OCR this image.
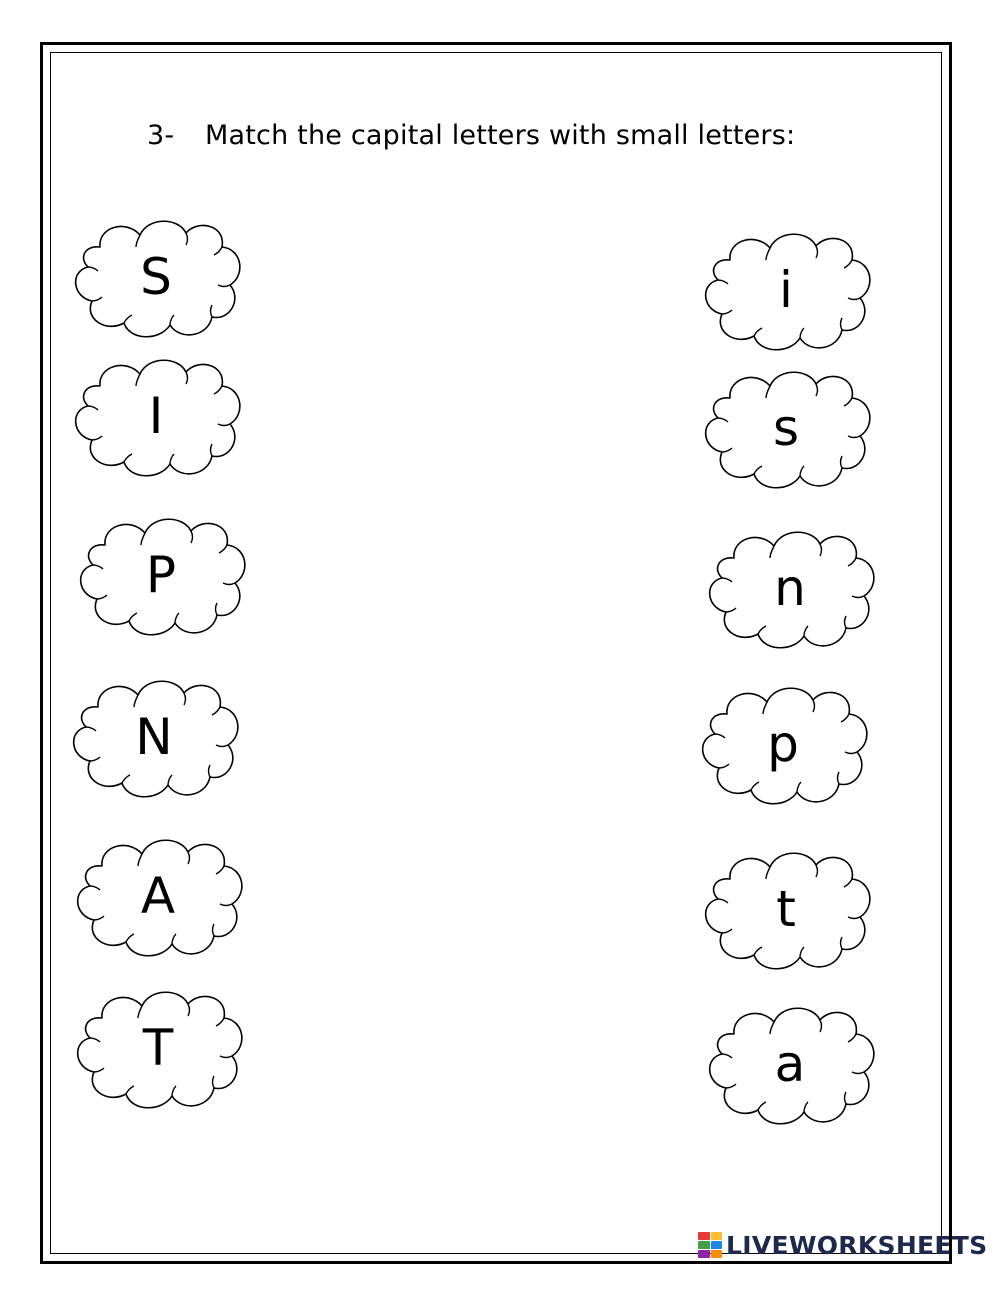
3- Match the capital letters with small letters:
S
I
P
N
A
T
i
s
n
p
t
a
LIVEWORKSHEETS
